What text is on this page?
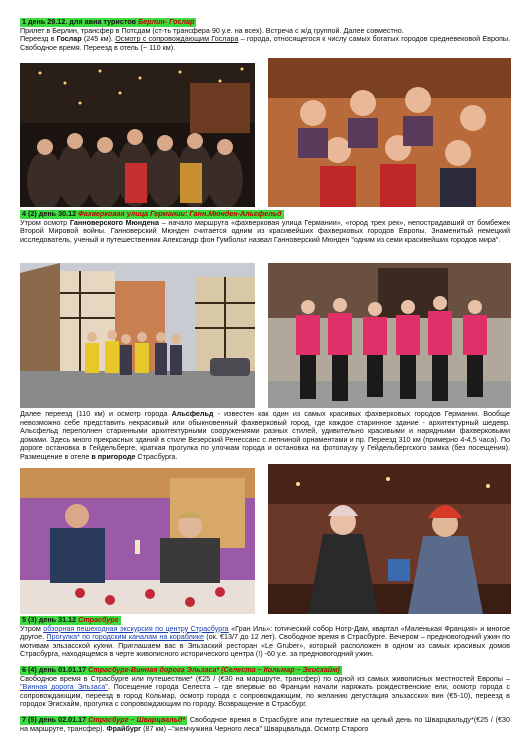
1 день 29.12. для авиа туристов Берлин- Гослар

Прилет в Берлин, трансфер в Потсдам (ст-ть трансфера 90 у.е. на всех). Встреча с ж/д группой. Далее совместно.

Переезд в Гослар (245 км). Осмотр с сопровождающим Гослара – города, относящегося к числу самых богатых городов средневековой Европы. Свободное время. Переезд в отель (~ 110 км).

4 (2) день 30.12 Фахверковая улица Германии: Ганн.Мюнден-Альсфельд

Утром осмотр Ганноверского Мюндена – начало маршрута «фахверковая улица Германии», «город трех рек», непострадавший от бомбежек Второй Мировой войны. Ганноверский Мюнден считается одним из красивейших фахверковых городов Европы. Знаменитый немецкий исследователь, ученый и путешественник Александр фон Гумбольт назвал Ганноверский Мюнден "одним из семи красивейших городов мира".

Далее переезд (110 км) и осмотр города Альсфельд - известен как один из самых красивых фахверковых городов Германии. Вообще невозможно себе представить некрасивый или обыкновенный фахверковый город, где каждое старинное здание - архитектурный шедевр. Альсфельд переполнен старинными архитектурными сооружениями разных стилей, удивительно красивыми и нарядными фахверковыми домами. Здесь много прекрасных зданий в стиле Везерский Ренессанс с лепниной орнаментами и пр. Переезд 310 км (примерно 4-4,5 часа). По дороге остановка в Гейдельберге, краткая прогулка по улочкам города и остановка на фотопаузу у Гейдельбергского замка (без посещения). Размещение в отеле в пригороде Страсбурга.

5 (3) день 31.12 Страсбург

Утром обзорная пешеходная экскурсия по центру Страсбурга «Гран Иль»: готический собор Нотр-Дам, квартал «Маленькая Франция» и многое другое. Прогулка* по городским каналам на кораблике (ок. €13/7 до 12 лет). Свободное время в Страсбурге. Вечером – предновогодний ужин по мотивам эльзасской кухни. Приглашаем вас в Эльзаский ресторан «Le Gruber», который расположен в одном из самых красивых домов Страсбурга, находящемся в черте живописного исторического центра (!) -60 у.е. за предновогодний ужин.

6 (4) день 01.01.17 Страсбург-Винная дорога Эльзаса* (Селеста – Кольмар – Эгисхайм)

Свободное время в Страсбурге или путешествие* (€25 / (€30 на маршруте, трансфер) по одной из самых живописных местностей Европы – "Винная дорога Эльзаса". Посещение города Селеста – где впервые во Франции начали наряжать рождественские ели, осмотр города с сопровождающим, переезд в город Кольмар, осмотр города с сопровождающим, по желанию дегустация эльзасских вин (€5-10), переезд в городок Эгисхайм, прогулка с сопровождающим по городу. Возвращение в Страсбург.

7 (5) день 02.01.17 Страсбург – Шварцвальд* Свободное время в Страсбурге или путешествие на целый день по Шварцвальду*(€25 / (€30 на маршруте, трансфер). Фрайбург (87 км) –"жемчужина Черного леса" Шварцвальда. Осмотр Старого
